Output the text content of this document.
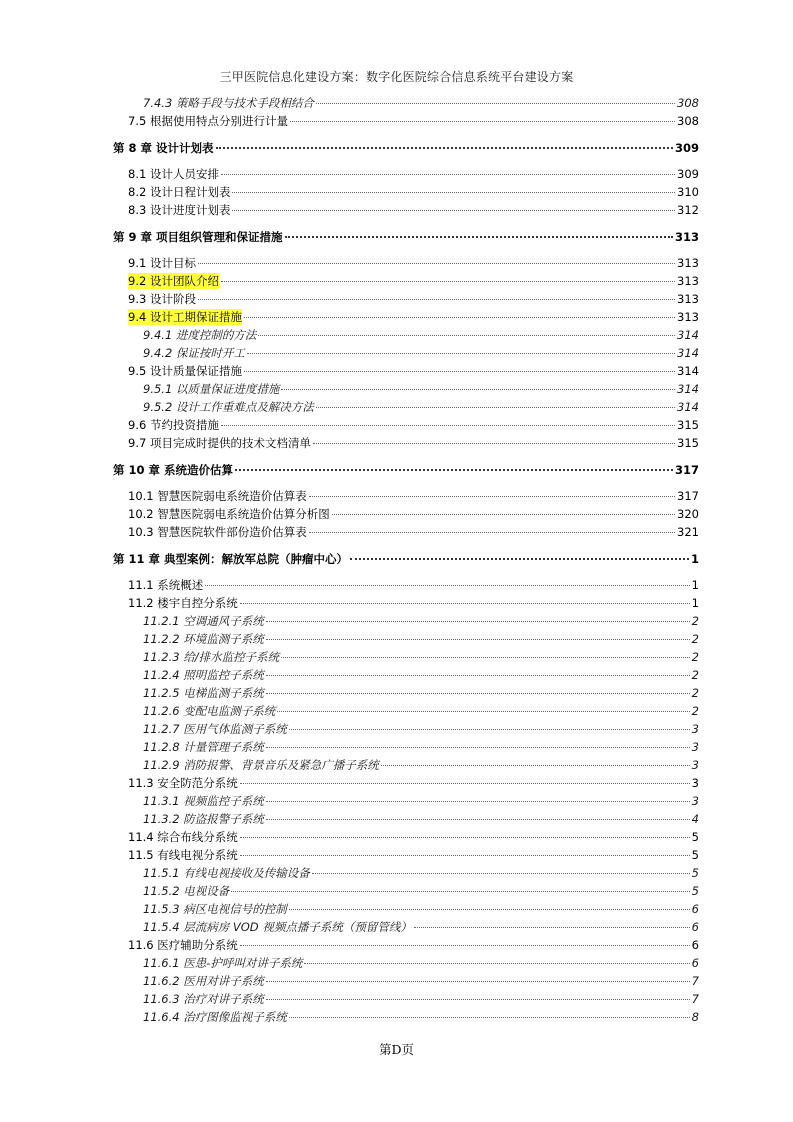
三甲医院信息化建设方案：数字化医院综合信息系统平台建设方案
7.4.3 策略手段与技术手段相结合	308
7.5 根据使用特点分别进行计量	308
第 8 章 设计计划表	309
8.1 设计人员安排	309
8.2 设计日程计划表	310
8.3 设计进度计划表	312
第 9 章 项目组织管理和保证措施	313
9.1 设计目标	313
9.2 设计团队介绍	313
9.3 设计阶段	313
9.4 设计工期保证措施	313
9.4.1 进度控制的方法	314
9.4.2 保证按时开工	314
9.5 设计质量保证措施	314
9.5.1 以质量保证进度措施	314
9.5.2 设计工作重难点及解决方法	314
9.6 节约投资措施	315
9.7 项目完成时提供的技术文档清单	315
第 10 章 系统造价估算	317
10.1 智慧医院弱电系统造价估算表	317
10.2 智慧医院弱电系统造价估算分析图	320
10.3 智慧医院软件部份造价估算表	321
第 11 章 典型案例：解放军总院（肿瘤中心）	1
11.1 系统概述	1
11.2 楼宇自控分系统	1
11.2.1 空调通风子系统	2
11.2.2 环境监测子系统	2
11.2.3 给/排水监控子系统	2
11.2.4 照明监控子系统	2
11.2.5 电梯监测子系统	2
11.2.6 变配电监测子系统	2
11.2.7 医用气体监测子系统	3
11.2.8 计量管理子系统	3
11.2.9 消防报警、背景音乐及紧急广播子系统	3
11.3 安全防范分系统	3
11.3.1 视频监控子系统	3
11.3.2 防盗报警子系统	4
11.4 综合布线分系统	5
11.5 有线电视分系统	5
11.5.1 有线电视接收及传输设备	5
11.5.2 电视设备	5
11.5.3 病区电视信号的控制	6
11.5.4 层流病房 VOD 视频点播子系统（预留管线）	6
11.6 医疗辅助分系统	6
11.6.1 医患-护呼叫对讲子系统	6
11.6.2 医用对讲子系统	7
11.6.3 治疗对讲子系统	7
11.6.4 治疗图像监视子系统	8
第D页
